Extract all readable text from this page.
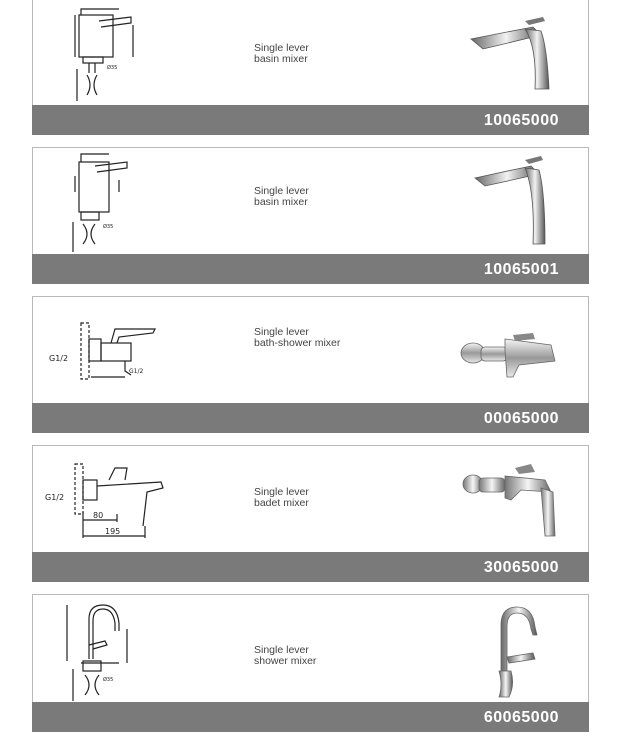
Ø35
Single lever
basin mixer
10065000
Ø35
Single lever
basin mixer
10065001
G1/2
G1/2
Single lever
bath-shower mixer
00065000
G1/2
80
195
Single lever
badet mixer
30065000
Ø35
Single lever
shower mixer
60065000
